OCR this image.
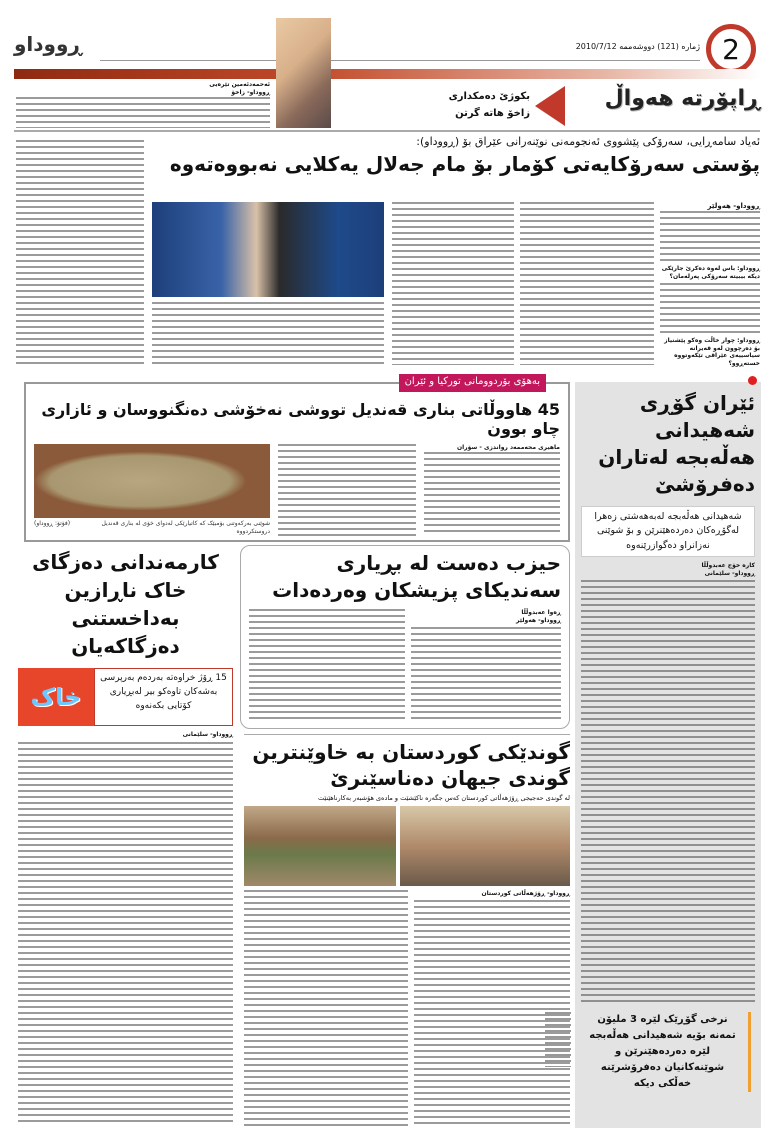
2
ژمارە (121) دووشەممە 2010/7/12
ڕووداو
ڕاپۆرتە هەواڵ
بکوژێ دەمکداری
زاخۆ هاتە گرتن
ئەحمەدئەمین تێرەیی
ڕووداو- زاخۆ
ئەیاد سامەڕایی، سەرۆکی پێشووی ئەنجومەنی نوێنەرانی عێراق بۆ (ڕووداو):
پۆستی سەرۆکایەتی کۆمار بۆ مام جەلال یەکلایی نەبووەتەوە
ڕووداو- هەولێر
ڕووداو: باس لەوە دەکرێ جارێکی دیکە بیبیتە سەرۆکی پەرلەمان؟
ڕووداو: چوار خاڵت وەکو پێشنیاز بۆ دەرچوون لەو قەیرانە سیاسییەی عێراقی تێکەوتووە خستەڕوو؟
45 هاووڵاتی بناری قەندیل تووشی نەخۆشی دەنگنووسان و ئازاری چاو بوون
شوێنی بەرکەوتنی بۆمبێک کە کاتیارێکی لەدوای خۆی لە بناری قەندیل دروستکردووە
(فۆتۆ: ڕووداو)
ماهیری محەممەد رواندزی - سۆران
بەهۆی بۆردوومانی تورکیا و ئێران
ئێران گۆڕی شەهیدانی هەڵەبجە لەتاران دەفرۆشێ
شەهیدانی هەڵەبجە لەبەهەشتی زەهرا لەگۆڕەکان دەردەهێنرێن و بۆ شوێنی نەزانراو دەگوازرێنەوە
کارە خۆج عەبدوڵڵا
ڕووداو- سلێمانی
نرخی گۆڕێک لێرە 3 ملیۆن تمەنە بۆیە شەهیدانی هەڵەبجە لێرە دەردەهێنرێن و شوێنەکانیان دەفرۆشرێنە خەڵکی دیکە
کارمەندانی دەزگای خاک ناڕازین بەداخستنی دەزگاکەیان
خاک
15 ڕۆژ خراوەتە بەردەم بەرپرسی بەشەکان تاوەکو بیر لەبڕیاری کۆتایی بکەنەوە
ڕووداو- سلێمانی
حیزب دەست لە بڕیاری سەندیکای پزیشکان وەردەدات
ڕەوا عەبدوڵڵا
ڕووداو- هەولێر
گوندێکی کوردستان بە خاوێنترین گوندی جیهان دەناسێنرێ
لە گوندی حەجیجی ڕۆژهەڵاتی کوردستان کەس جگەرە ناکێشێت و مادەی هۆشبەر بەکارناهێنێت
ڕووداو- ڕۆژهەڵاتی کوردستان
